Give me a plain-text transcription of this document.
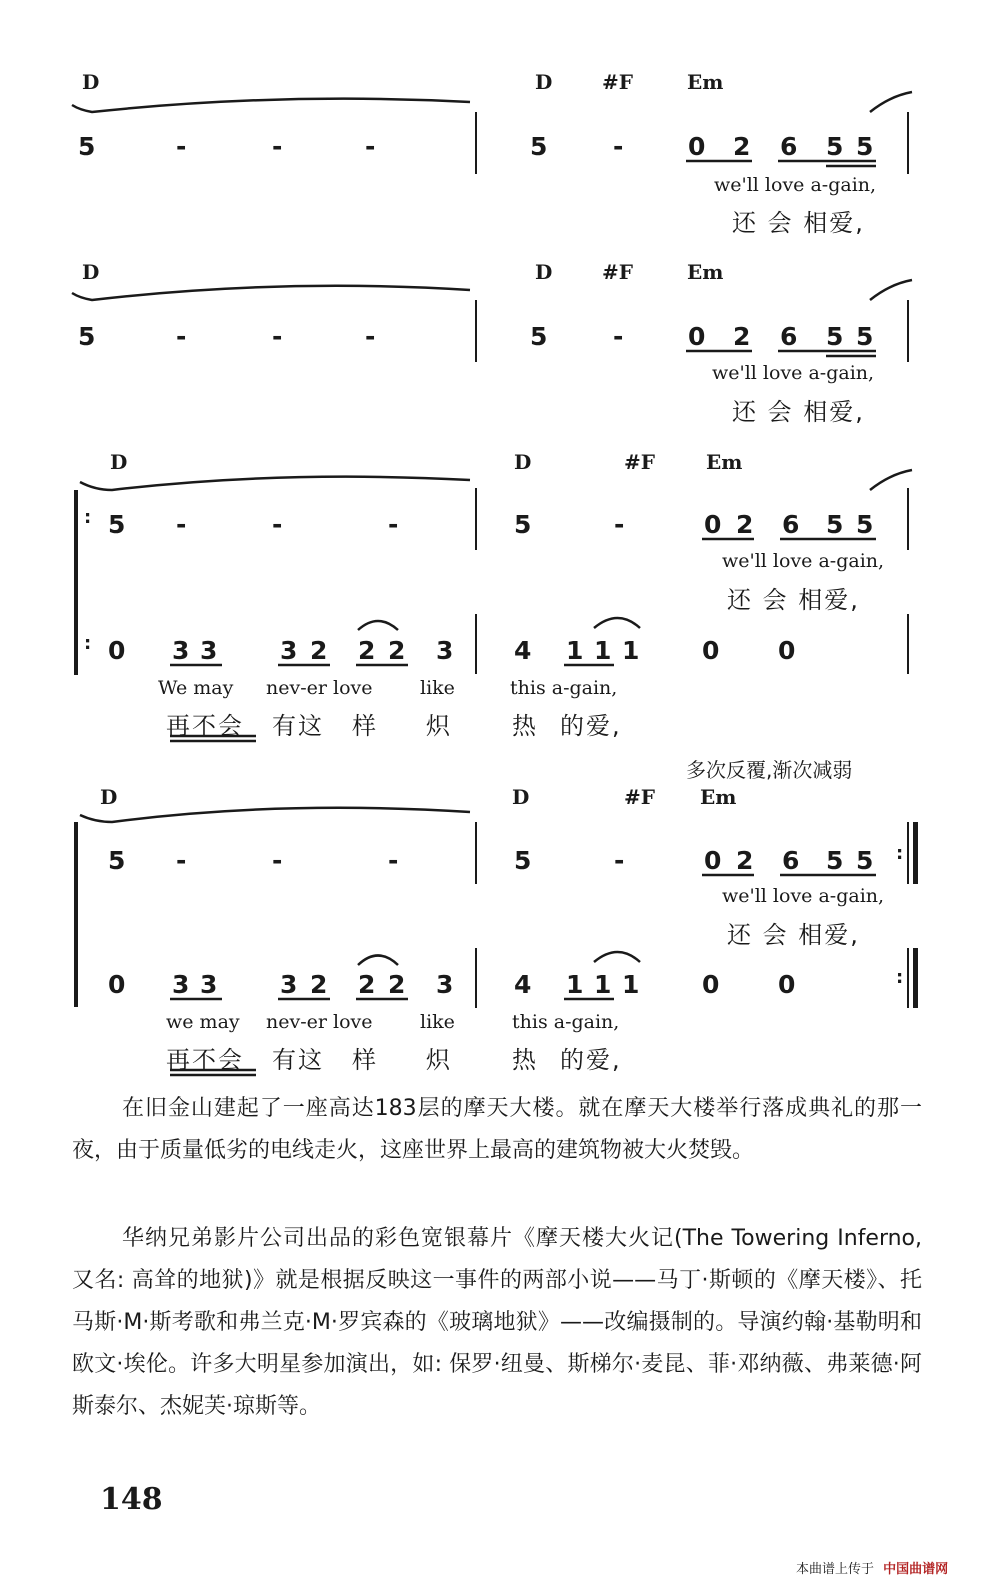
D	D #F	Em
5	-	-	-	5	-	0 2 6 5 5
we'll love a-gain,
还 会 相爱,
D	D #F	Em
5	-	-	-	5	-	0 2 6 5 5
we'll love a-gain,
还 会 相爱,
D	D	#F	Em
: 5 -	-	-	5	-	0 2 6 5 5
we'll love a-gain,
还 会 相爱,
: 0 3 3	3 2 2 2 3 4 1 1 1	0 0
We may nev-er love	like	this a-gain,
再不会 有这 样 炽	热 的爱,
多次反覆,渐次减弱
D	D	#F Em
5 -	-	-	5	-	0 2 6 5 5 :
we'll love a-gain,
还 会 相爱,
0 3 3	3 2 2 2 3 4 1 1 1	0 0	:
we may nev-er love	like	this a-gain,
再不会 有这 样 炽	热 的爱,

在旧金山建起了一座高达183层的摩天大楼。就在摩天大楼举行落成典礼的那一夜，由于质量低劣的电线走火，这座世界上最高的建筑物被大火焚毁。

华纳兄弟影片公司出品的彩色宽银幕片《摩天楼大火记(The Towering Inferno, 又名: 高耸的地狱)》就是根据反映这一事件的两部小说——马丁·斯顿的《摩天楼》、托马斯·M·斯考歌和弗兰克·M·罗宾森的《玻璃地狱》——改编摄制的。导演约翰·基勒明和欧文·埃伦。许多大明星参加演出，如: 保罗·纽曼、斯梯尔·麦昆、菲·邓纳薇、弗莱德·阿斯泰尔、杰妮芙·琼斯等。

148
本曲谱上传于 中国曲谱网
